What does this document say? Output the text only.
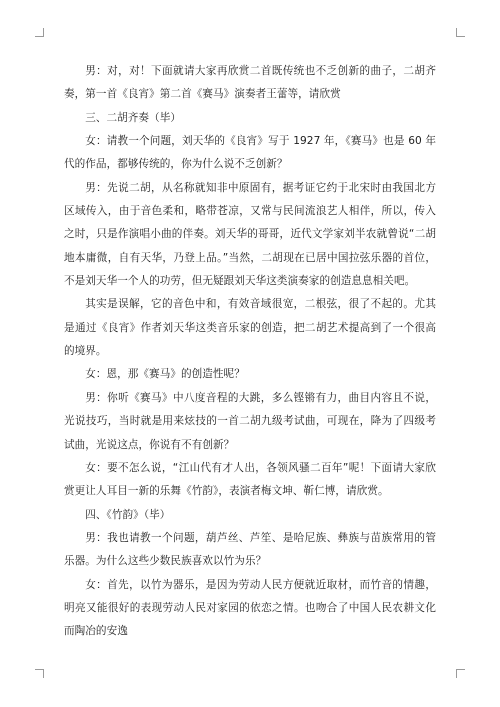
男：对，对！下面就请大家再欣赏二首既传统也不乏创新的曲子，二胡齐奏，第一首《良宵》第二首《赛马》演奏者王蕾等，请欣赏

三、二胡齐奏（毕）

女：请教一个问题，刘天华的《良宵》写于 1927 年，《赛马》也是 60 年代的作品，都够传统的，你为什么说不乏创新？

男：先说二胡，从名称就知非中原固有，据考证它约于北宋时由我国北方区域传入，由于音色柔和，略带苍凉，又常与民间流浪艺人相伴，所以，传入之时，只是作演唱小曲的伴奏。刘天华的哥哥，近代文学家刘半农就曾说“二胡地本庸微，自有天华，乃登上品。”当然，二胡现在已居中国拉弦乐器的首位，不是刘天华一个人的功劳，但无疑跟刘天华这类演奏家的创造息息相关吧。

其实是误解，它的音色中和，有效音域很宽，二根弦，很了不起的。尤其是通过《良宵》作者刘天华这类音乐家的创造，把二胡艺术提高到了一个很高的境界。

女：恩，那《赛马》的创造性呢？

男：你听《赛马》中八度音程的大跳，多么铿锵有力，曲目内容且不说，光说技巧，当时就是用来炫技的一首二胡九级考试曲，可现在，降为了四级考试曲，光说这点，你说有不有创新？

女：要不怎么说，“江山代有才人出，各领风骚二百年”呢！下面请大家欣赏更让人耳目一新的乐舞《竹韵》，表演者梅文坤、靳仁博，请欣赏。

四、《竹韵》（毕）

男：我也请教一个问题，葫芦丝、芦笙、是哈尼族、彝族与苗族常用的管乐器。为什么这些少数民族喜欢以竹为乐？

女：首先，以竹为器乐，是因为劳动人民方便就近取材，而竹音的情趣，明亮又能很好的表现劳动人民对家园的依恋之情。也吻合了中国人民农耕文化而陶冶的安逸
